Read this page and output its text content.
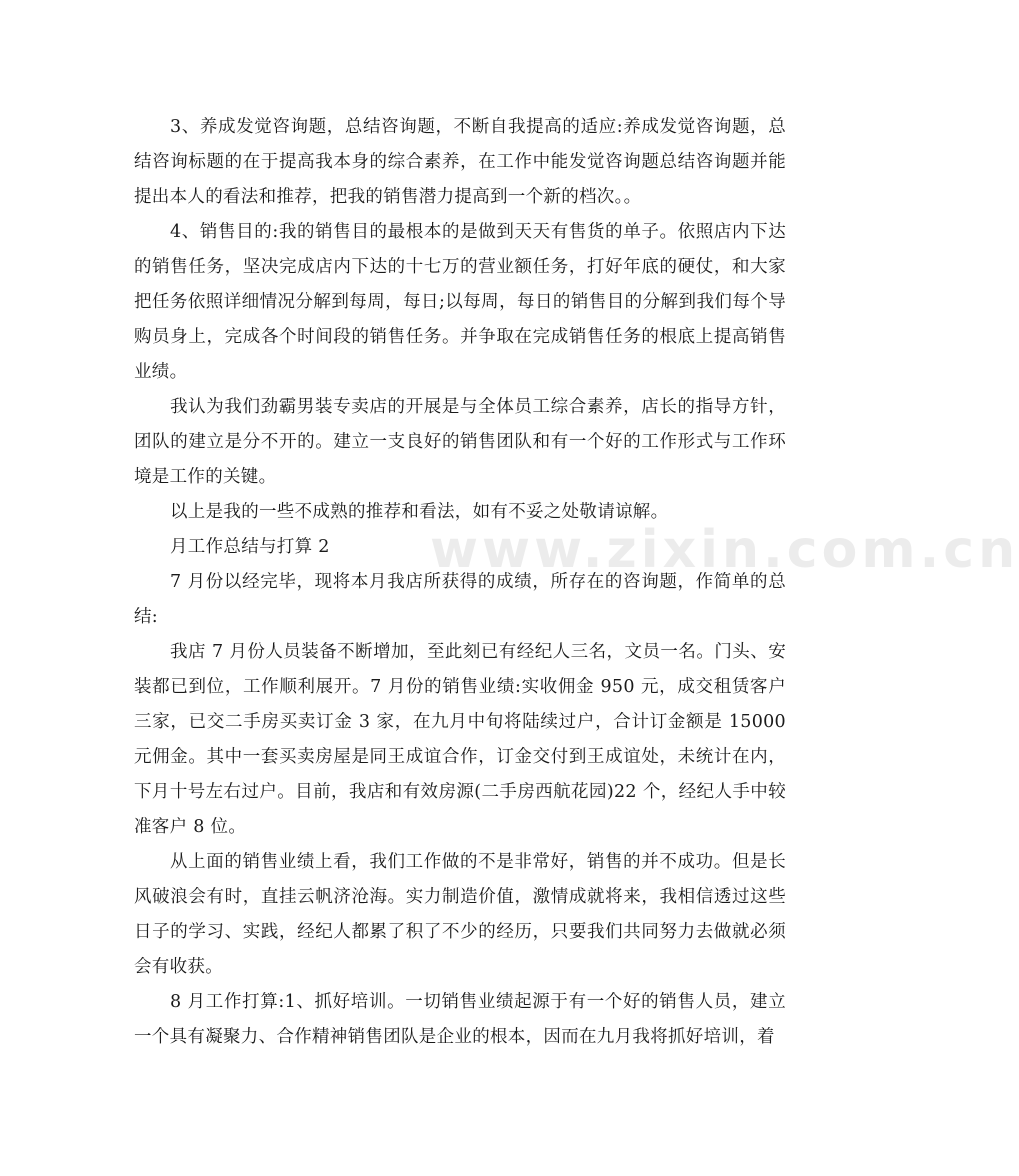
www.zixin.com.cn

3、养成发觉咨询题，总结咨询题，不断自我提高的适应:养成发觉咨询题，总结咨询标题的在于提高我本身的综合素养，在工作中能发觉咨询题总结咨询题并能提出本人的看法和推荐，把我的销售潜力提高到一个新的档次。。

4、销售目的:我的销售目的最根本的是做到天天有售货的单子。依照店内下达的销售任务，坚决完成店内下达的十七万的营业额任务，打好年底的硬仗，和大家把任务依照详细情况分解到每周，每日;以每周，每日的销售目的分解到我们每个导购员身上，完成各个时间段的销售任务。并争取在完成销售任务的根底上提高销售业绩。

我认为我们劲霸男装专卖店的开展是与全体员工综合素养，店长的指导方针，团队的建立是分不开的。建立一支良好的销售团队和有一个好的工作形式与工作环境是工作的关键。

以上是我的一些不成熟的推荐和看法，如有不妥之处敬请谅解。

月工作总结与打算 2

7 月份以经完毕，现将本月我店所获得的成绩，所存在的咨询题，作简单的总结:

我店 7 月份人员装备不断增加，至此刻已有经纪人三名，文员一名。门头、安装都已到位，工作顺利展开。7 月份的销售业绩:实收佣金 950 元，成交租赁客户三家，已交二手房买卖订金 3 家，在九月中旬将陆续过户，合计订金额是 15000 元佣金。其中一套买卖房屋是同王成谊合作，订金交付到王成谊处，未统计在内，下月十号左右过户。目前，我店和有效房源(二手房西航花园)22 个，经纪人手中较准客户 8 位。

从上面的销售业绩上看，我们工作做的不是非常好，销售的并不成功。但是长风破浪会有时，直挂云帆济沧海。实力制造价值，激情成就将来，我相信透过这些日子的学习、实践，经纪人都累了积了不少的经历，只要我们共同努力去做就必须会有收获。

8 月工作打算:1、抓好培训。一切销售业绩起源于有一个好的销售人员，建立一个具有凝聚力、合作精神销售团队是企业的根本，因而在九月我将抓好培训，着
